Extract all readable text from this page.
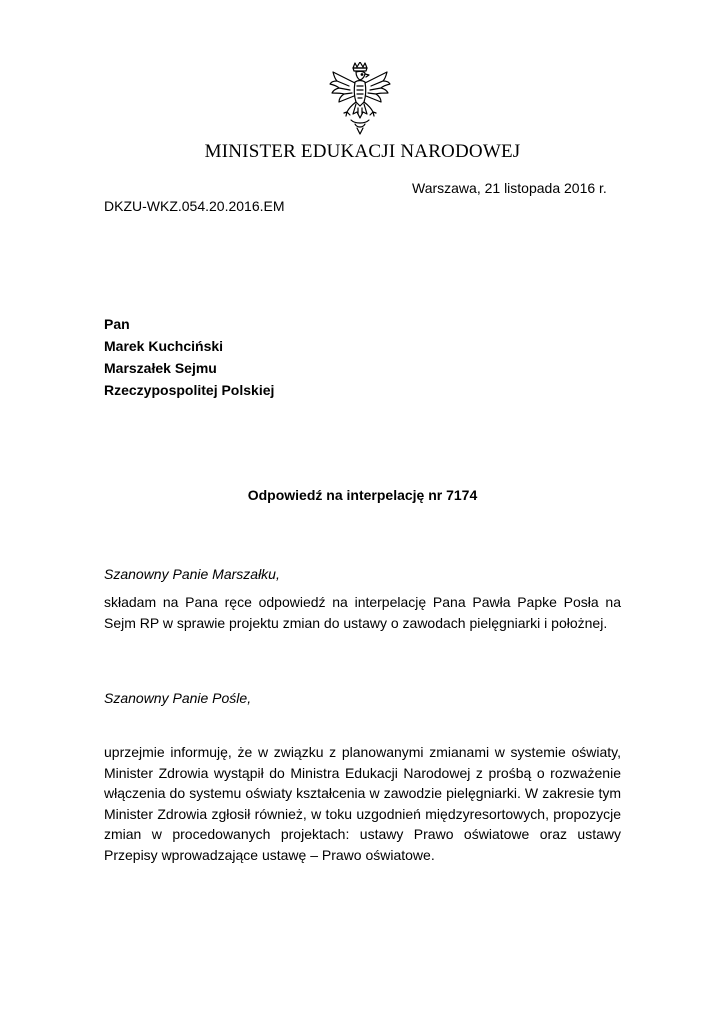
MINISTER EDUKACJI NARODOWEJ
Warszawa, 21 listopada 2016 r.
DKZU-WKZ.054.20.2016.EM
Pan
Marek Kuchciński
Marszałek Sejmu
Rzeczypospolitej Polskiej
Odpowiedź na interpelację nr 7174
Szanowny Panie Marszałku,
składam na Pana ręce odpowiedź na interpelację Pana Pawła Papke Posła na Sejm RP w sprawie projektu zmian do ustawy o zawodach pielęgniarki i położnej.
Szanowny Panie Pośle,
uprzejmie informuję, że w związku z planowanymi zmianami w systemie oświaty, Minister Zdrowia wystąpił do Ministra Edukacji Narodowej z prośbą o rozważenie włączenia do systemu oświaty kształcenia w zawodzie pielęgniarki. W zakresie tym Minister Zdrowia zgłosił również, w toku uzgodnień międzyresortowych, propozycje zmian w procedowanych projektach: ustawy Prawo oświatowe oraz ustawy Przepisy wprowadzające ustawę – Prawo oświatowe.
